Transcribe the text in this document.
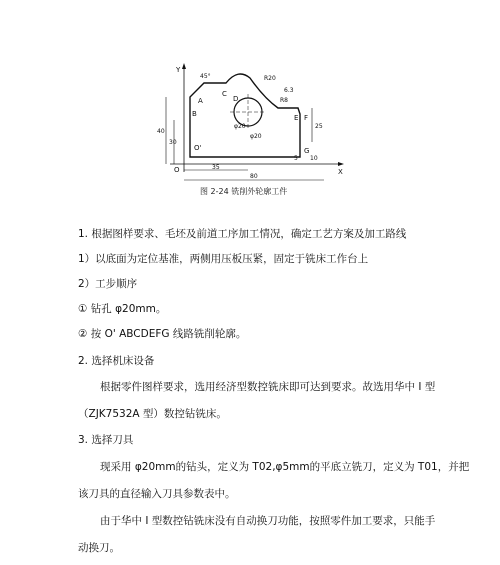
Y
X
O
A
B
C
D
E F
G
O'
45°	R20
R8
φ20
6.3
φ20
40
30
35
80
25
10
5
图 2-24 铣削外轮廓工件
1. 根据图样要求、毛坯及前道工序加工情况，确定工艺方案及加工路线
1）以底面为定位基准，两侧用压板压紧，固定于铣床工作台上
2）工步顺序
① 钻孔 φ20mm。
② 按 O' ABCDEFG 线路铣削轮廓。
2. 选择机床设备
根据零件图样要求，选用经济型数控铣床即可达到要求。故选用华中 I 型
（ZJK7532A 型）数控钻铣床。
3. 选择刀具
现采用 φ20mm的钻头，定义为 T02,φ5mm的平底立铣刀，定义为 T01，并把
该刀具的直径输入刀具参数表中。
由于华中 I 型数控钻铣床没有自动换刀功能，按照零件加工要求，只能手
动换刀。
